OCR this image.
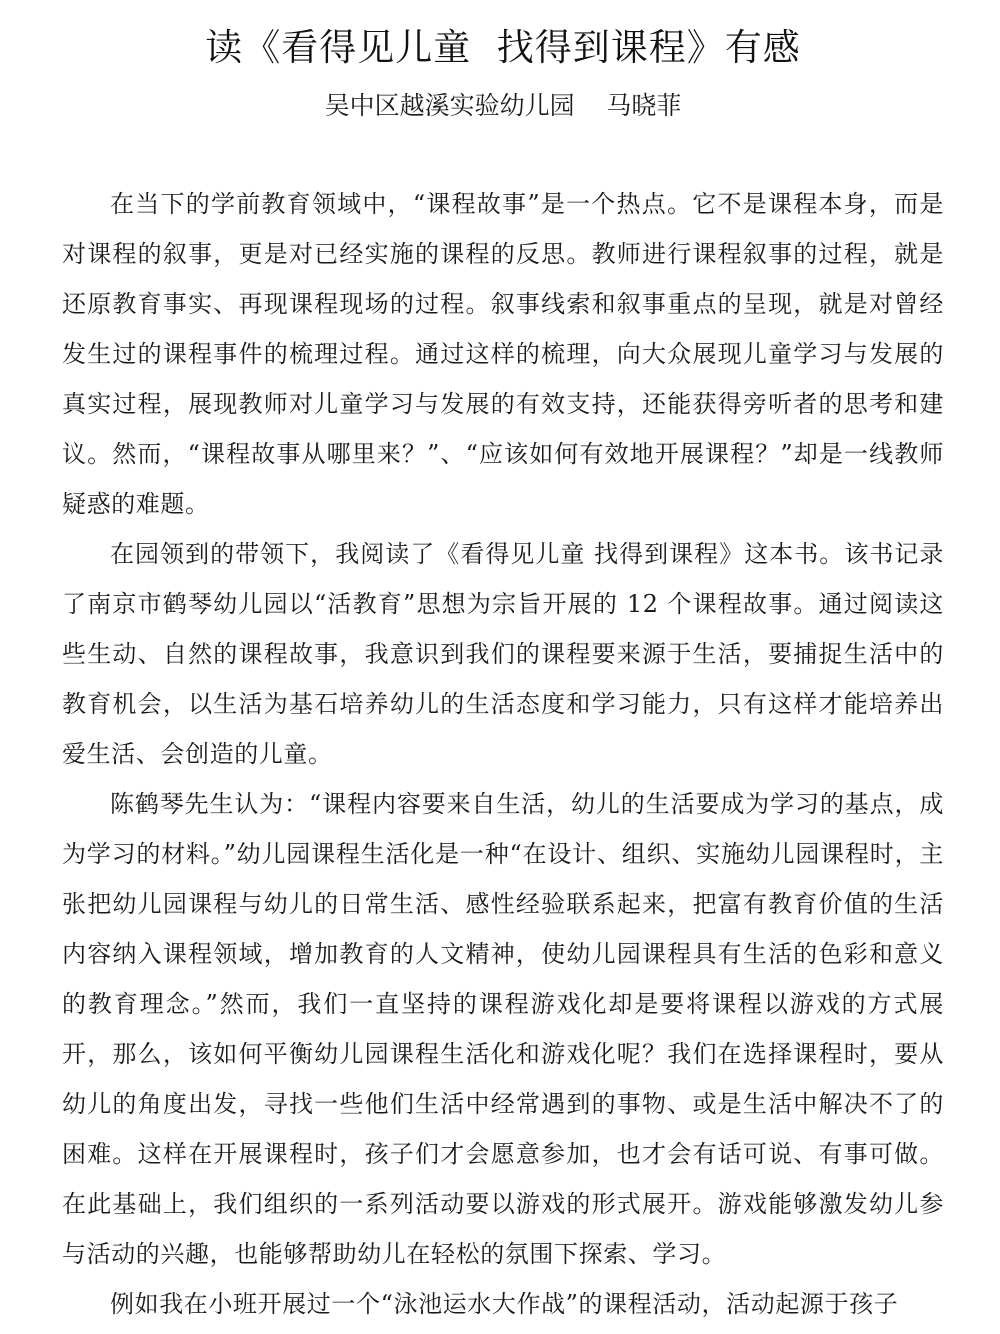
读《看得见儿童  找得到课程》有感
吴中区越溪实验幼儿园    马晓菲

在当下的学前教育领域中，“课程故事”是一个热点。它不是课程本身，而是对课程的叙事，更是对已经实施的课程的反思。教师进行课程叙事的过程，就是还原教育事实、再现课程现场的过程。叙事线索和叙事重点的呈现，就是对曾经发生过的课程事件的梳理过程。通过这样的梳理，向大众展现儿童学习与发展的真实过程，展现教师对儿童学习与发展的有效支持，还能获得旁听者的思考和建议。然而，“课程故事从哪里来？”、“应该如何有效地开展课程？”却是一线教师疑惑的难题。

在园领到的带领下，我阅读了《看得见儿童 找得到课程》这本书。该书记录了南京市鹤琴幼儿园以“活教育”思想为宗旨开展的 12 个课程故事。通过阅读这些生动、自然的课程故事，我意识到我们的课程要来源于生活，要捕捉生活中的教育机会，以生活为基石培养幼儿的生活态度和学习能力，只有这样才能培养出爱生活、会创造的儿童。

陈鹤琴先生认为：“课程内容要来自生活，幼儿的生活要成为学习的基点，成为学习的材料。”幼儿园课程生活化是一种“在设计、组织、实施幼儿园课程时，主张把幼儿园课程与幼儿的日常生活、感性经验联系起来，把富有教育价值的生活内容纳入课程领域，增加教育的人文精神，使幼儿园课程具有生活的色彩和意义的教育理念。”然而，我们一直坚持的课程游戏化却是要将课程以游戏的方式展开，那么，该如何平衡幼儿园课程生活化和游戏化呢？我们在选择课程时，要从幼儿的角度出发，寻找一些他们生活中经常遇到的事物、或是生活中解决不了的困难。这样在开展课程时，孩子们才会愿意参加，也才会有话可说、有事可做。在此基础上，我们组织的一系列活动要以游戏的形式展开。游戏能够激发幼儿参与活动的兴趣，也能够帮助幼儿在轻松的氛围下探索、学习。

例如我在小班开展过一个“泳池运水大作战”的课程活动，活动起源于孩子
